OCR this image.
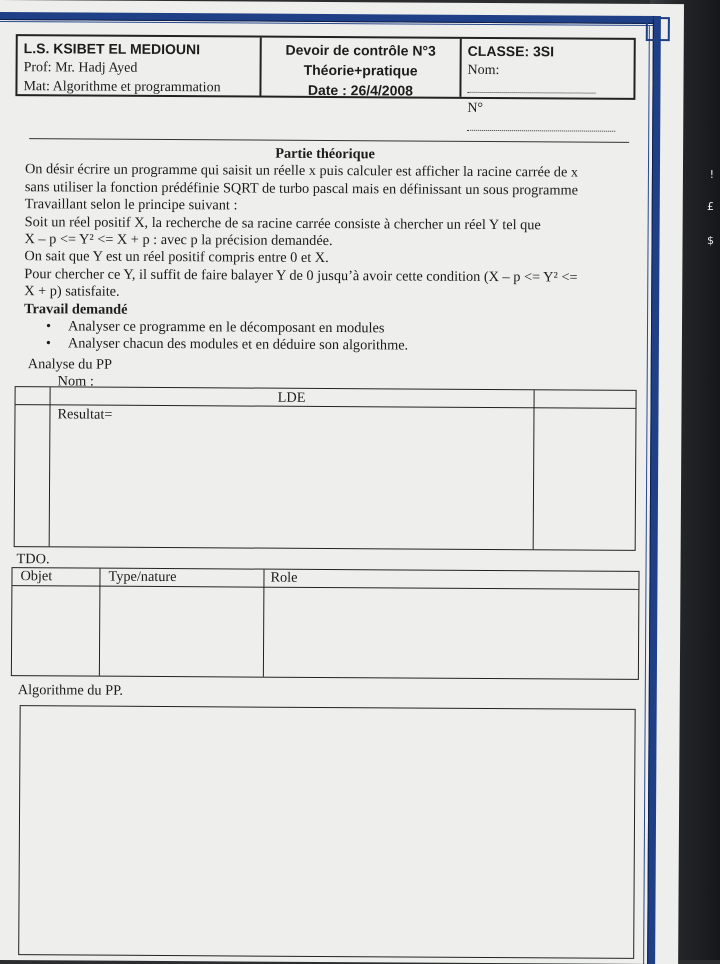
!
£
$
L.S. KSIBET EL MEDIOUNI
Prof: Mr. Hadj Ayed
Mat: Algorithme et programmation
Devoir de contrôle N°3
Théorie+pratique
Date : 26/4/2008
CLASSE: 3SI
Nom:
N°

Partie théorique

On désir écrire un programme qui saisit un réelle x puis calculer est afficher la racine carrée de x

sans utiliser la fonction prédéfinie SQRT de turbo pascal mais en définissant un sous programme

Travaillant selon le principe suivant :

Soit un réel positif X, la recherche de sa racine carrée consiste à chercher un réel Y tel que

X – p <= Y² <= X + p : avec p la précision demandée.

On sait que Y est un réel positif compris entre 0 et X.

Pour chercher ce Y, il suffit de faire balayer Y de 0 jusqu’à avoir cette condition (X – p <= Y² <=

X + p) satisfaite.

Travail demandé

• Analyser ce programme en le décomposant en modules

• Analyser chacun des modules et en déduire son algorithme.

Analyse du PP
Nom :
LDE
Resultat=
TDO.
Objet	Type/nature	Role
Algorithme du PP.
